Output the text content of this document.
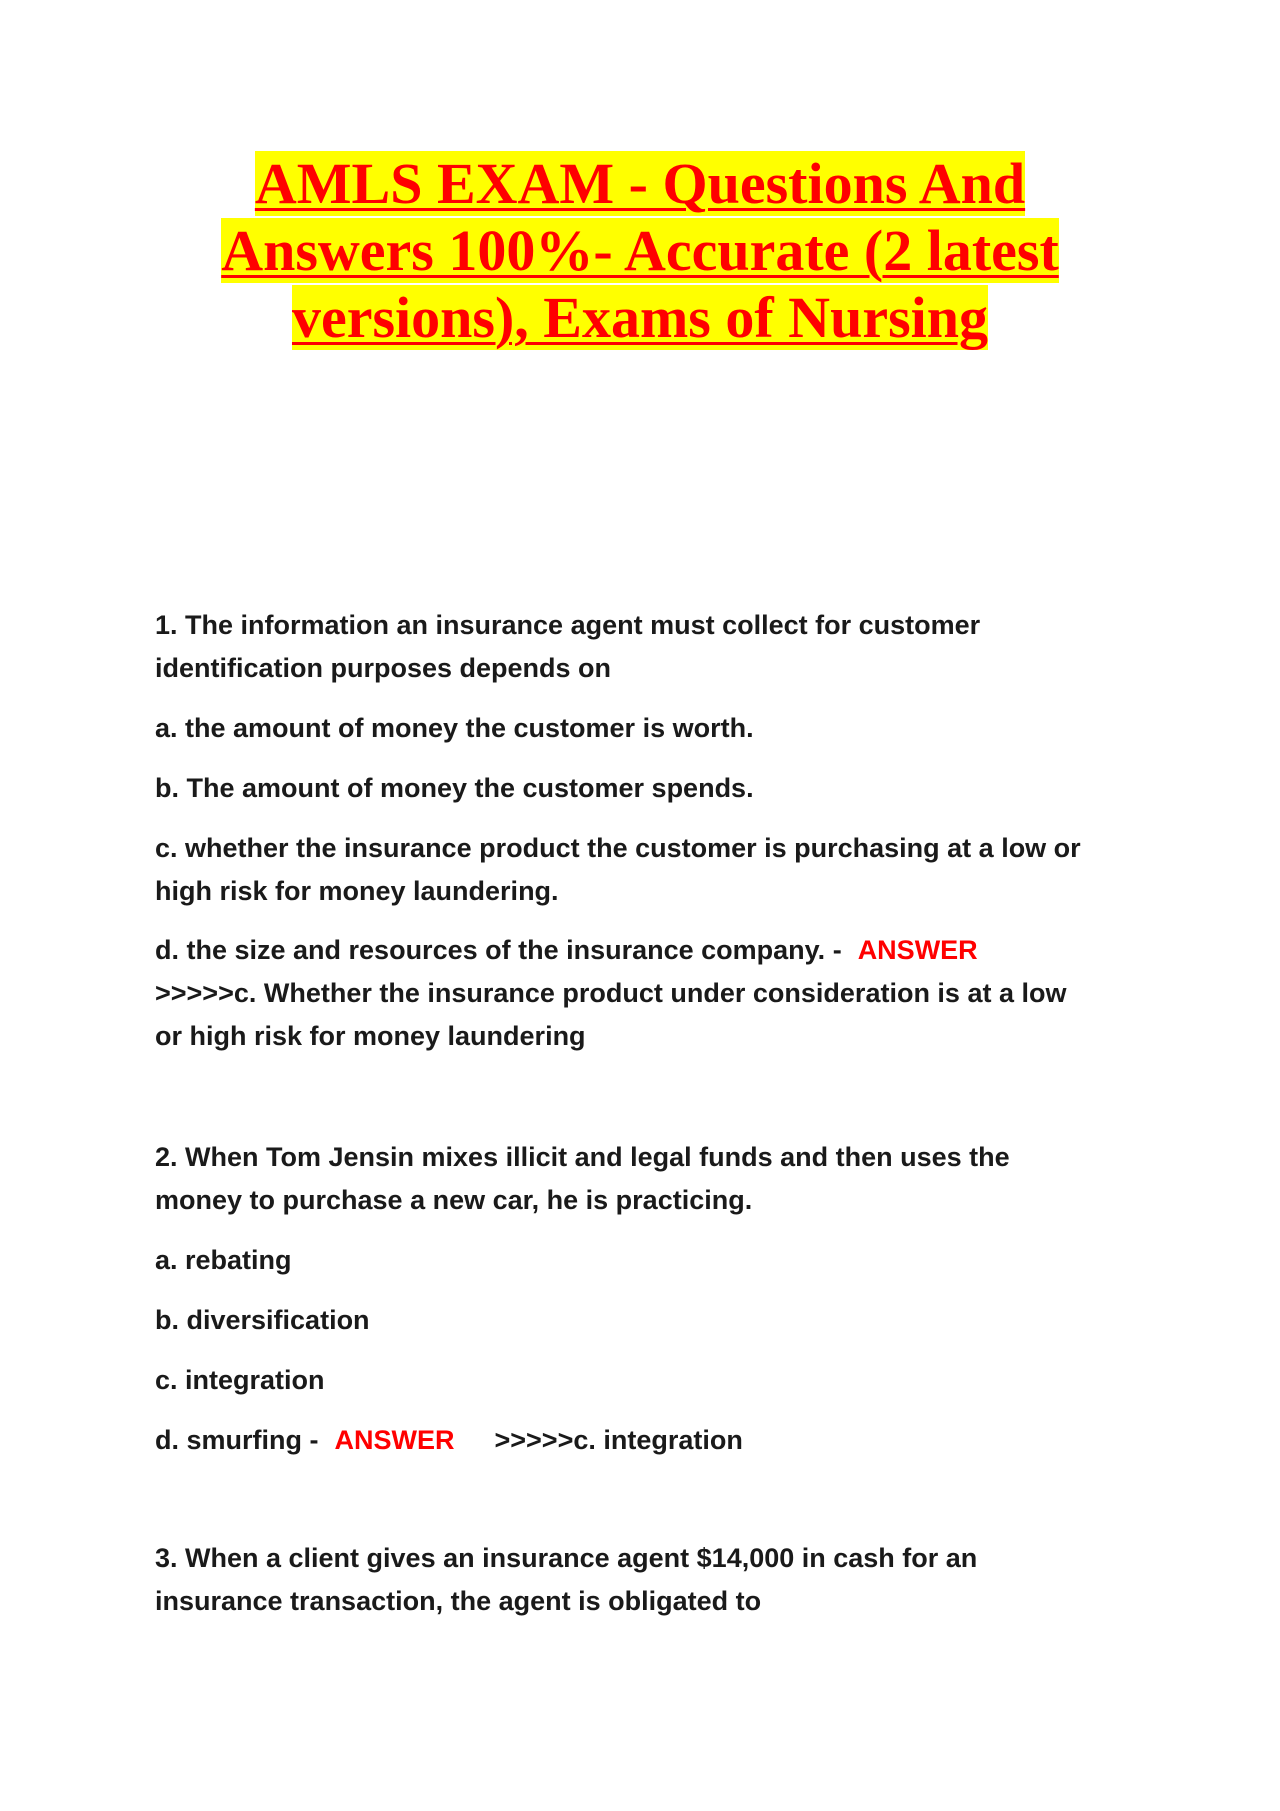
AMLS EXAM - Questions And
Answers 100%- Accurate (2 latest
versions), Exams of Nursing

1. The information an insurance agent must collect for customer
identification purposes depends on

a. the amount of money the customer is worth.
b. The amount of money the customer spends.
c. whether the insurance product the customer is purchasing at a low or
high risk for money laundering.
d. the size and resources of the insurance company. - ANSWER
>>>>>c. Whether the insurance product under consideration is at a low
or high risk for money laundering
2. When Tom Jensin mixes illicit and legal funds and then uses the
money to purchase a new car, he is practicing.
a. rebating
b. diversification
c. integration
d. smurfing - ANSWER >>>>>c. integration
3. When a client gives an insurance agent $14,000 in cash for an
insurance transaction, the agent is obligated to
